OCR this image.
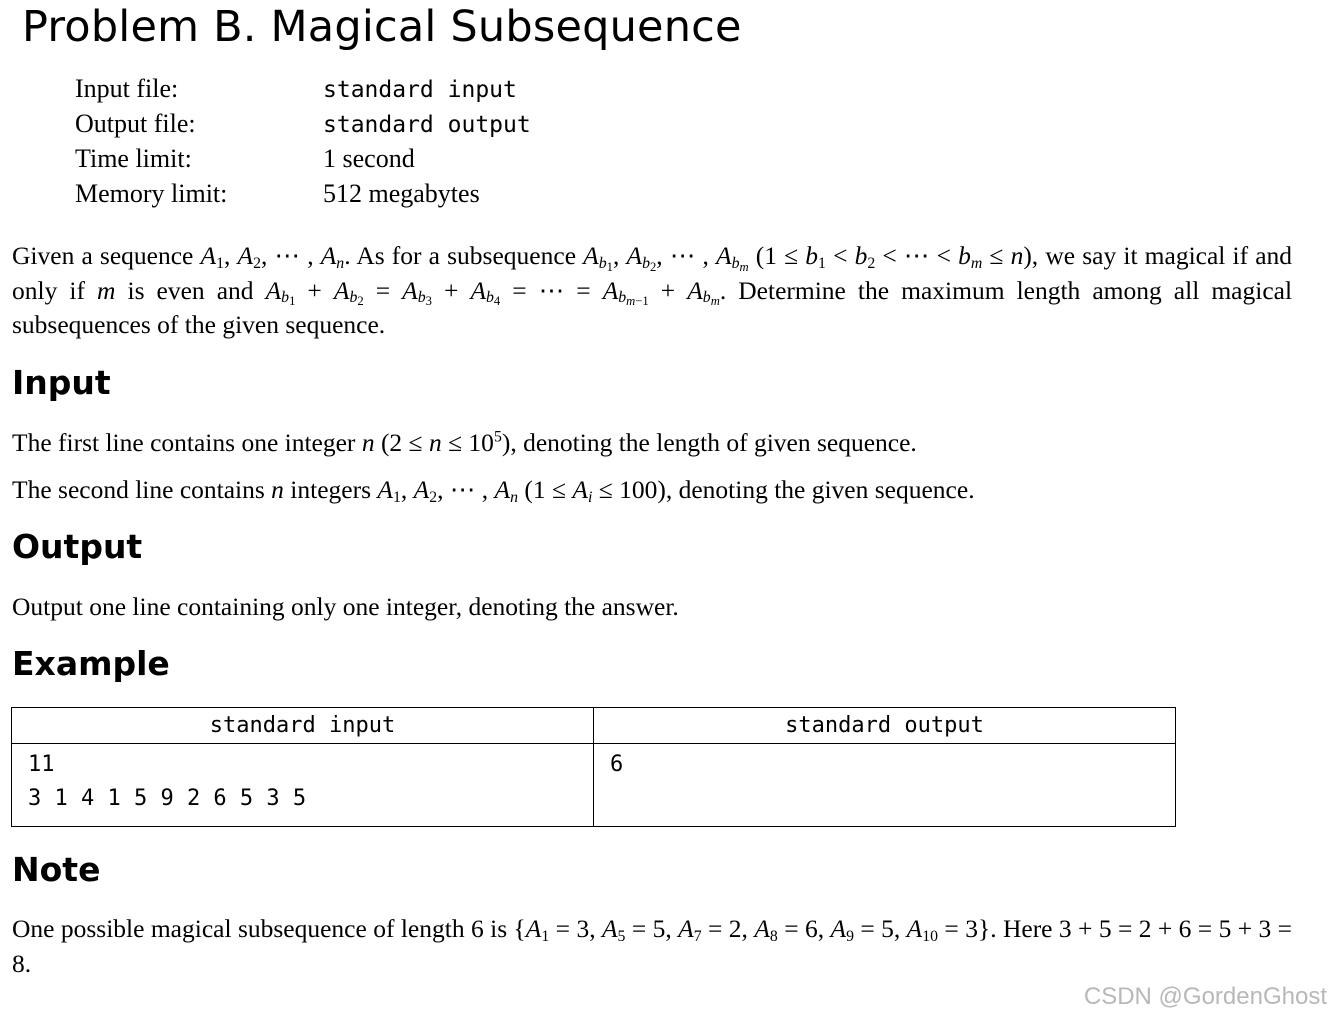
Problem B. Magical Subsequence
Input file:	standard input
Output file:	standard output
Time limit:	1 second
Memory limit:	512 megabytes

Given a sequence $A_1$, $A_2$, ⋯ , $A_n$. As for a subsequence $A_{b_1}$, $A_{b_2}$, ⋯ , $A_{b_m}$ ($1 \le b_1 < b_2$ < ⋯ < $b_m \le n$), we say it magical if and only if m is even and $A_{b_1} + A_{b_2} = A_{b_3} + A_{b_4}$ = ⋯ = $A_{b_{m-1}} + A_{b_m}$. Determine the maximum length among all magical subsequences of the given sequence.

Input
The first line contains one integer n $(2 \le n \le 10^5)$, denoting the length of given sequence.
The second line contains n integers $A_1$, $A_2$, ⋯ , $A_n$ $(1 \le A_i \le 100)$, denoting the given sequence.
Output
Output one line containing only one integer, denoting the answer.
Example
standard input	standard output

11
3 1 4 1 5 9 2 6 5 3 5	6
Note
One possible magical subsequence of length 6 is {$A_1 = 3$, $A_5 = 5$, $A_7 = 2$, $A_8 = 6$, $A_9 = 5$, $A_{10} = 3$}. Here 3 + 5 = 2 + 6 = 5 + 3 = 8.
CSDN @GordenGhost
